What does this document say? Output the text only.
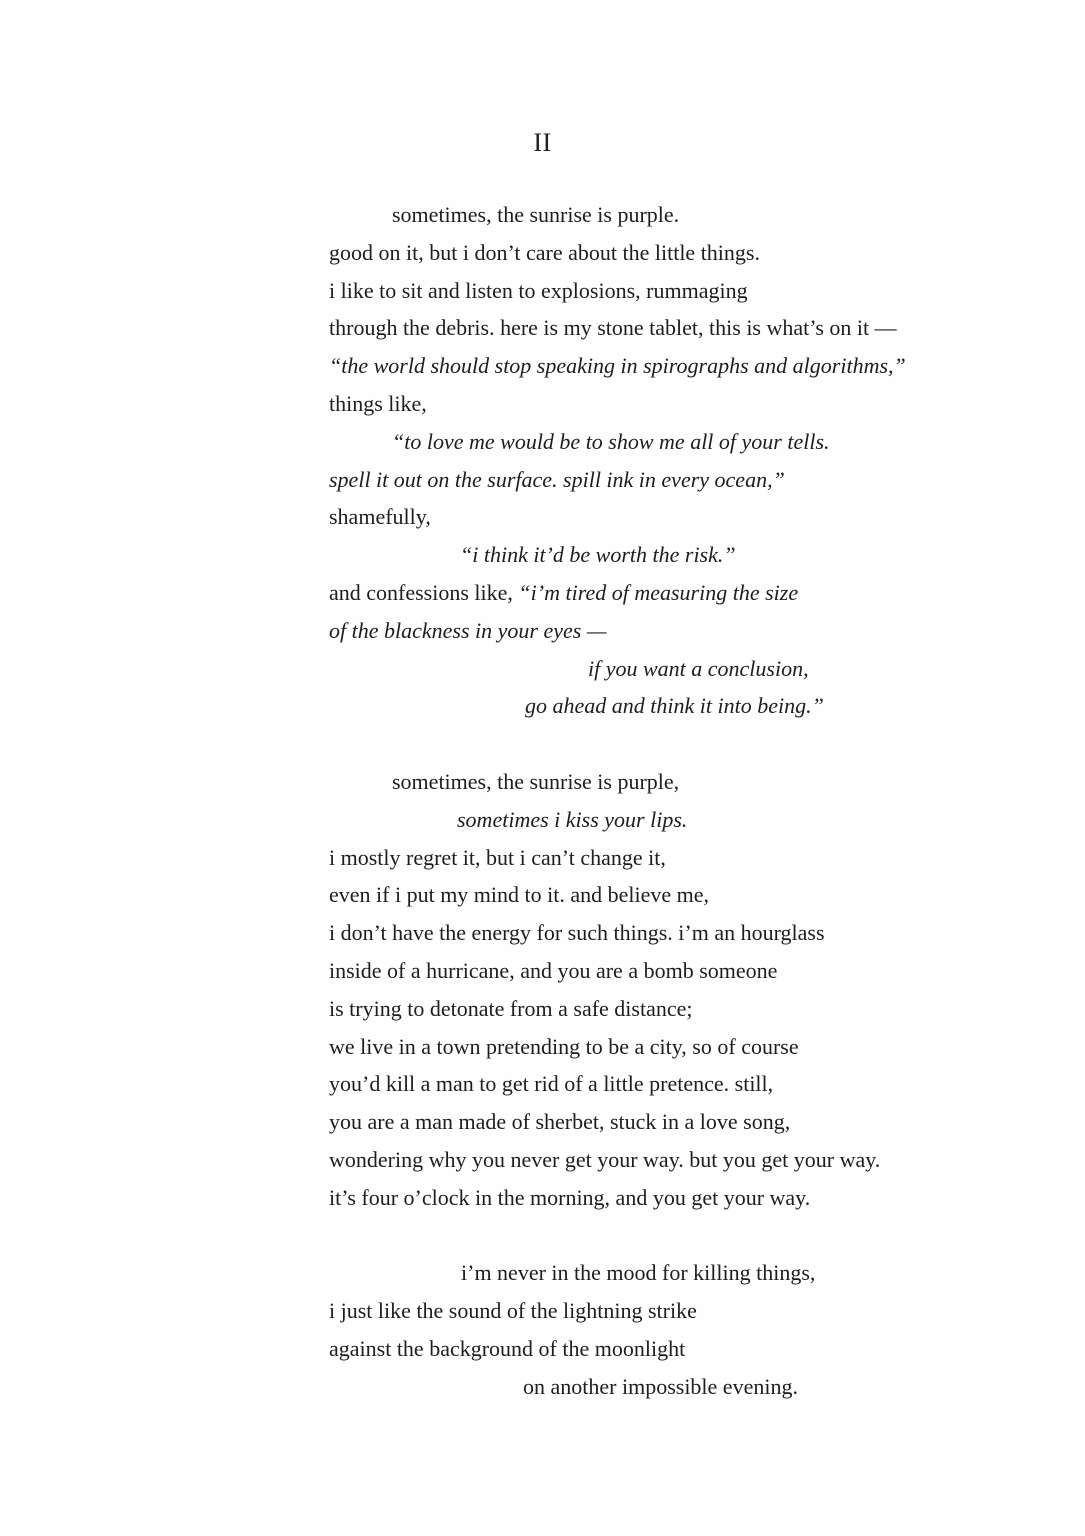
II
sometimes, the sunrise is purple.
good on it, but i don’t care about the little things.
i like to sit and listen to explosions, rummaging
through the debris. here is my stone tablet, this is what’s on it —
“the world should stop speaking in spirographs and algorithms,”
things like,
“to love me would be to show me all of your tells.
spell it out on the surface. spill ink in every ocean,”
shamefully,
“i think it’d be worth the risk.”
and confessions like, “i’m tired of measuring the size
of the blackness in your eyes —
if you want a conclusion,
go ahead and think it into being.”
sometimes, the sunrise is purple,
sometimes i kiss your lips.
i mostly regret it, but i can’t change it,
even if i put my mind to it. and believe me,
i don’t have the energy for such things. i’m an hourglass
inside of a hurricane, and you are a bomb someone
is trying to detonate from a safe distance;
we live in a town pretending to be a city, so of course
you’d kill a man to get rid of a little pretence. still,
you are a man made of sherbet, stuck in a love song,
wondering why you never get your way. but you get your way.
it’s four o’clock in the morning, and you get your way.
i’m never in the mood for killing things,
i just like the sound of the lightning strike
against the background of the moonlight
on another impossible evening.
